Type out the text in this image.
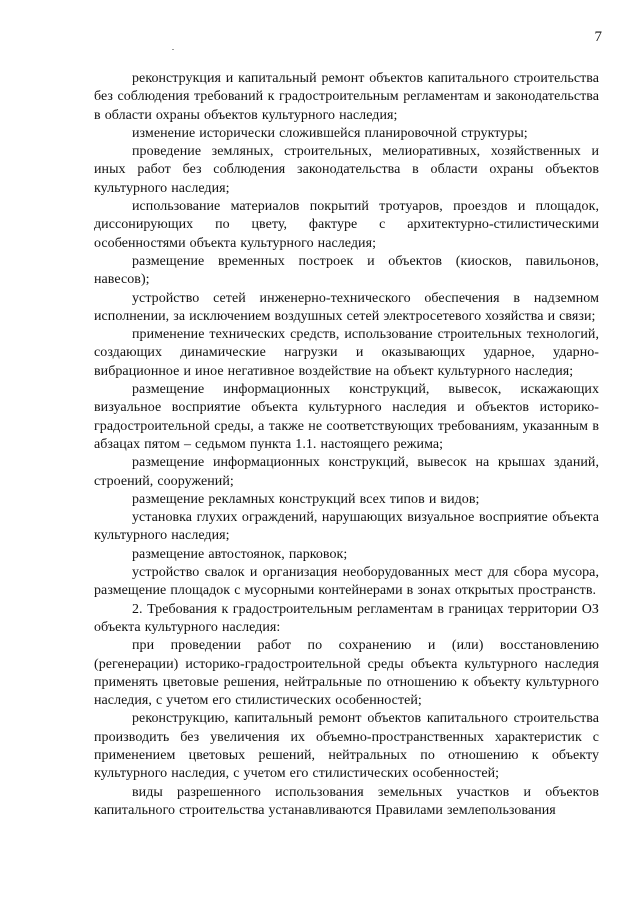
7

реконструкция и капитальный ремонт объектов капитального строительства без соблюдения требований к градостроительным регламентам и законодательства в области охраны объектов культурного наследия;

изменение исторически сложившейся планировочной структуры;

проведение земляных, строительных, мелиоративных, хозяйственных и иных работ без соблюдения законодательства в области охраны объектов культурного наследия;

использование материалов покрытий тротуаров, проездов и площадок, диссонирующих по цвету, фактуре с архитектурно-стилистическими особенностями объекта культурного наследия;

размещение временных построек и объектов (киосков, павильонов, навесов);

устройство сетей инженерно-технического обеспечения в надземном исполнении, за исключением воздушных сетей электросетевого хозяйства и связи;

применение технических средств, использование строительных технологий, создающих динамические нагрузки и оказывающих ударное, ударно-вибрационное и иное негативное воздействие на объект культурного наследия;

размещение информационных конструкций, вывесок, искажающих визуальное восприятие объекта культурного наследия и объектов историко-градостроительной среды, а также не соответствующих требованиям, указанным в абзацах пятом – седьмом пункта 1.1. настоящего режима;

размещение информационных конструкций, вывесок на крышах зданий, строений, сооружений;

размещение рекламных конструкций всех типов и видов;

установка глухих ограждений, нарушающих визуальное восприятие объекта культурного наследия;

размещение автостоянок, парковок;

устройство свалок и организация необорудованных мест для сбора мусора, размещение площадок с мусорными контейнерами в зонах открытых пространств.

2. Требования к градостроительным регламентам в границах территории ОЗ объекта культурного наследия:

при проведении работ по сохранению и (или) восстановлению (регенерации) историко-градостроительной среды объекта культурного наследия применять цветовые решения, нейтральные по отношению к объекту культурного наследия, с учетом его стилистических особенностей;

реконструкцию, капитальный ремонт объектов капитального строительства производить без увеличения их объемно-пространственных характеристик с применением цветовых решений, нейтральных по отношению к объекту культурного наследия, с учетом его стилистических особенностей;

виды разрешенного использования земельных участков и объектов капитального строительства устанавливаются Правилами землепользования
